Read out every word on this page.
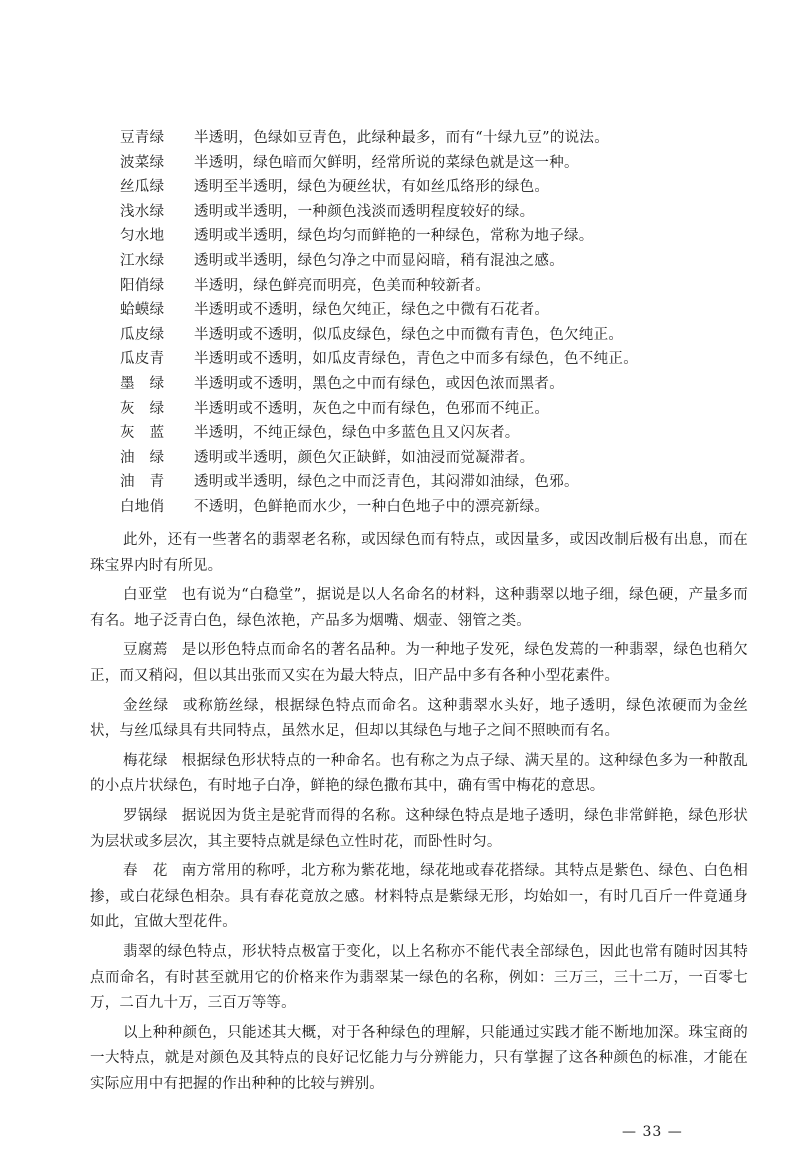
豆青绿	半透明，色绿如豆青色，此绿种最多，而有“十绿九豆”的说法。
波菜绿	半透明，绿色暗而欠鲜明，经常所说的菜绿色就是这一种。
丝瓜绿	透明至半透明，绿色为硬丝状，有如丝瓜络形的绿色。
浅水绿	透明或半透明，一种颜色浅淡而透明程度较好的绿。
匀水地	透明或半透明，绿色均匀而鲜艳的一种绿色，常称为地子绿。
江水绿	透明或半透明，绿色匀净之中而显闷暗，稍有混浊之感。
阳俏绿	半透明，绿色鲜亮而明亮，色美而种较新者。
蛤蟆绿	半透明或不透明，绿色欠纯正，绿色之中微有石花者。
瓜皮绿	半透明或不透明，似瓜皮绿色，绿色之中而微有青色，色欠纯正。
瓜皮青	半透明或不透明，如瓜皮青绿色，青色之中而多有绿色，色不纯正。
墨　绿	半透明或不透明，黑色之中而有绿色，或因色浓而黑者。
灰　绿	半透明或不透明，灰色之中而有绿色，色邪而不纯正。
灰　蓝	半透明，不纯正绿色，绿色中多蓝色且又闪灰者。
油　绿	透明或半透明，颜色欠正缺鲜，如油浸而觉凝滞者。
油　青	透明或半透明，绿色之中而泛青色，其闷滞如油绿，色邪。
白地俏	不透明，色鲜艳而水少，一种白色地子中的漂亮新绿。

此外，还有一些著名的翡翠老名称，或因绿色而有特点，或因量多，或因改制后极有出息，而在珠宝界内时有所见。

白亚堂 也有说为“白稳堂”，据说是以人名命名的材料，这种翡翠以地子细，绿色硬，产量多而有名。地子泛青白色，绿色浓艳，产品多为烟嘴、烟壶、翎管之类。

豆腐蔫 是以形色特点而命名的著名品种。为一种地子发死，绿色发蔫的一种翡翠，绿色也稍欠正，而又稍闷，但以其出张而又实在为最大特点，旧产品中多有各种小型花素件。

金丝绿 或称筋丝绿，根据绿色特点而命名。这种翡翠水头好，地子透明，绿色浓硬而为金丝状，与丝瓜绿具有共同特点，虽然水足，但却以其绿色与地子之间不照映而有名。

梅花绿 根据绿色形状特点的一种命名。也有称之为点子绿、满天星的。这种绿色多为一种散乱的小点片状绿色，有时地子白净，鲜艳的绿色撒布其中，确有雪中梅花的意思。

罗锅绿 据说因为货主是驼背而得的名称。这种绿色特点是地子透明，绿色非常鲜艳，绿色形状为层状或多层次，其主要特点就是绿色立性时花，而卧性时匀。

春　花 南方常用的称呼，北方称为紫花地，绿花地或春花搭绿。其特点是紫色、绿色、白色相掺，或白花绿色相杂。具有春花竟放之感。材料特点是紫绿无形，均始如一，有时几百斤一件竟通身如此，宜做大型花件。

翡翠的绿色特点，形状特点极富于变化，以上名称亦不能代表全部绿色，因此也常有随时因其特点而命名，有时甚至就用它的价格来作为翡翠某一绿色的名称，例如：三万三，三十二万，一百零七万，二百九十万，三百万等等。

以上种种颜色，只能述其大概，对于各种绿色的理解，只能通过实践才能不断地加深。珠宝商的一大特点，就是对颜色及其特点的良好记忆能力与分辨能力，只有掌握了这各种颜色的标准，才能在实际应用中有把握的作出种种的比较与辨别。

— 33 —
